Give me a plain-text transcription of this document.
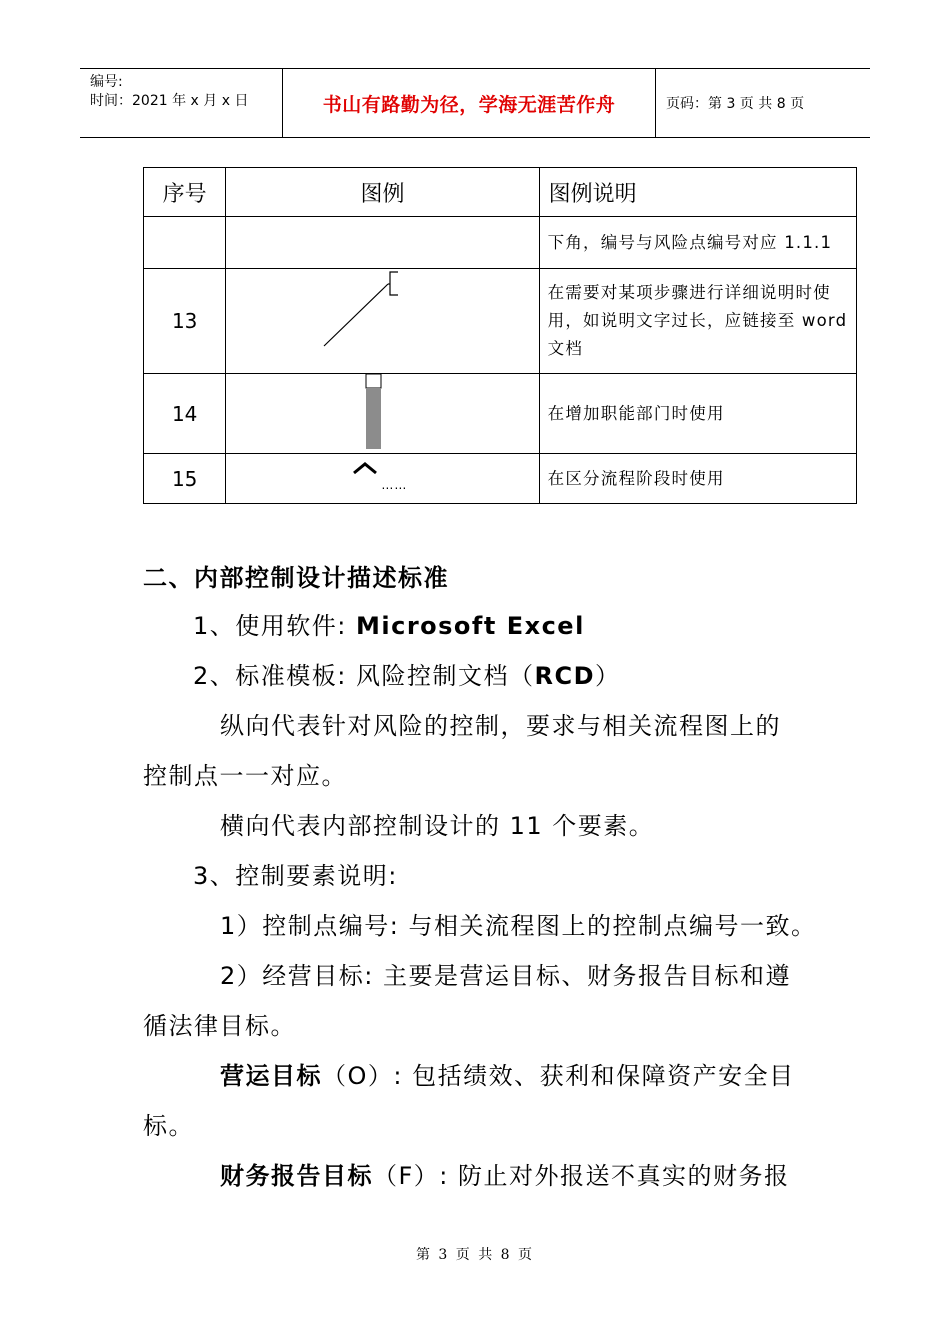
编号:
时间：2021 年 x 月 x 日	书山有路勤为径，学海无涯苦作舟	页码：第 3 页 共 8 页
序号	图例	图例说明
		下角，编号与风险点编号对应 1.1.1
13		在需要对某项步骤进行详细说明时使用，如说明文字过长，应链接至 word 文档
14		在增加职能部门时使用
15	……	在区分流程阶段时使用
二、内部控制设计描述标准
1、使用软件: Microsoft Excel
2、标准模板: 风险控制文档（RCD）
纵向代表针对风险的控制，要求与相关流程图上的
控制点一一对应。
横向代表内部控制设计的 11 个要素。
3、控制要素说明:
1）控制点编号: 与相关流程图上的控制点编号一致。
2）经营目标: 主要是营运目标、财务报告目标和遵
循法律目标。
营运目标（O）: 包括绩效、获利和保障资产安全目
标。
财务报告目标（F）: 防止对外报送不真实的财务报
第 3 页 共 8 页
